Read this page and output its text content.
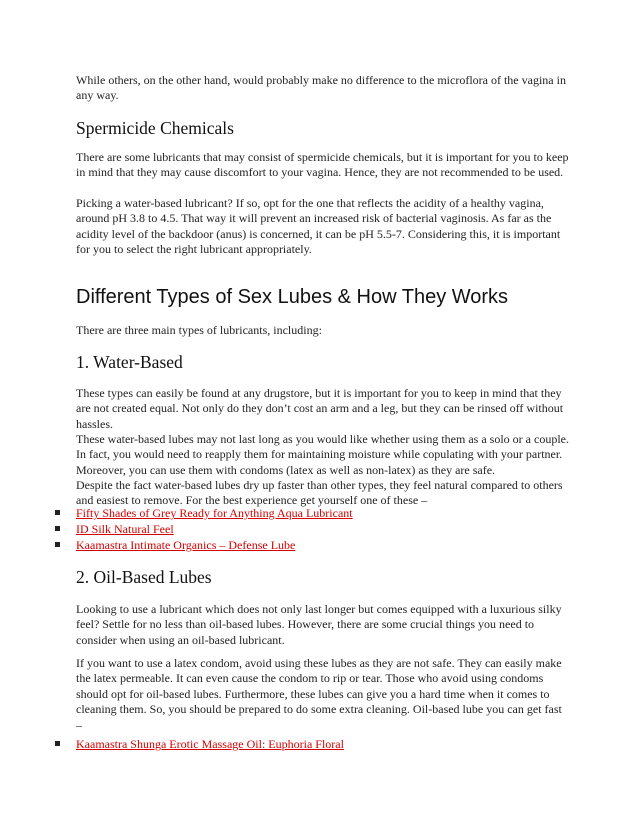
While others, on the other hand, would probably make no difference to the microflora of the vagina in any way.

Spermicide Chemicals

There are some lubricants that may consist of spermicide chemicals, but it is important for you to keep in mind that they may cause discomfort to your vagina. Hence, they are not recommended to be used.

Picking a water-based lubricant? If so, opt for the one that reflects the acidity of a healthy vagina, around pH 3.8 to 4.5. That way it will prevent an increased risk of bacterial vaginosis. As far as the acidity level of the backdoor (anus) is concerned, it can be pH 5.5-7. Considering this, it is important for you to select the right lubricant appropriately.

Different Types of Sex Lubes & How They Works

There are three main types of lubricants, including:

1. Water-Based

These types can easily be found at any drugstore, but it is important for you to keep in mind that they are not created equal. Not only do they don’t cost an arm and a leg, but they can be rinsed off without hassles.

These water-based lubes may not last long as you would like whether using them as a solo or a couple. In fact, you would need to reapply them for maintaining moisture while copulating with your partner. Moreover, you can use them with condoms (latex as well as non-latex) as they are safe.

Despite the fact water-based lubes dry up faster than other types, they feel natural compared to others and easiest to remove. For the best experience get yourself one of these –

Fifty Shades of Grey Ready for Anything Aqua Lubricant
ID Silk Natural Feel
Kaamastra Intimate Organics – Defense Lube
2. Oil-Based Lubes

Looking to use a lubricant which does not only last longer but comes equipped with a luxurious silky feel? Settle for no less than oil-based lubes. However, there are some crucial things you need to consider when using an oil-based lubricant.

If you want to use a latex condom, avoid using these lubes as they are not safe. They can easily make the latex permeable. It can even cause the condom to rip or tear. Those who avoid using condoms should opt for oil-based lubes. Furthermore, these lubes can give you a hard time when it comes to cleaning them. So, you should be prepared to do some extra cleaning. Oil-based lube you can get fast –

Kaamastra Shunga Erotic Massage Oil: Euphoria Floral
